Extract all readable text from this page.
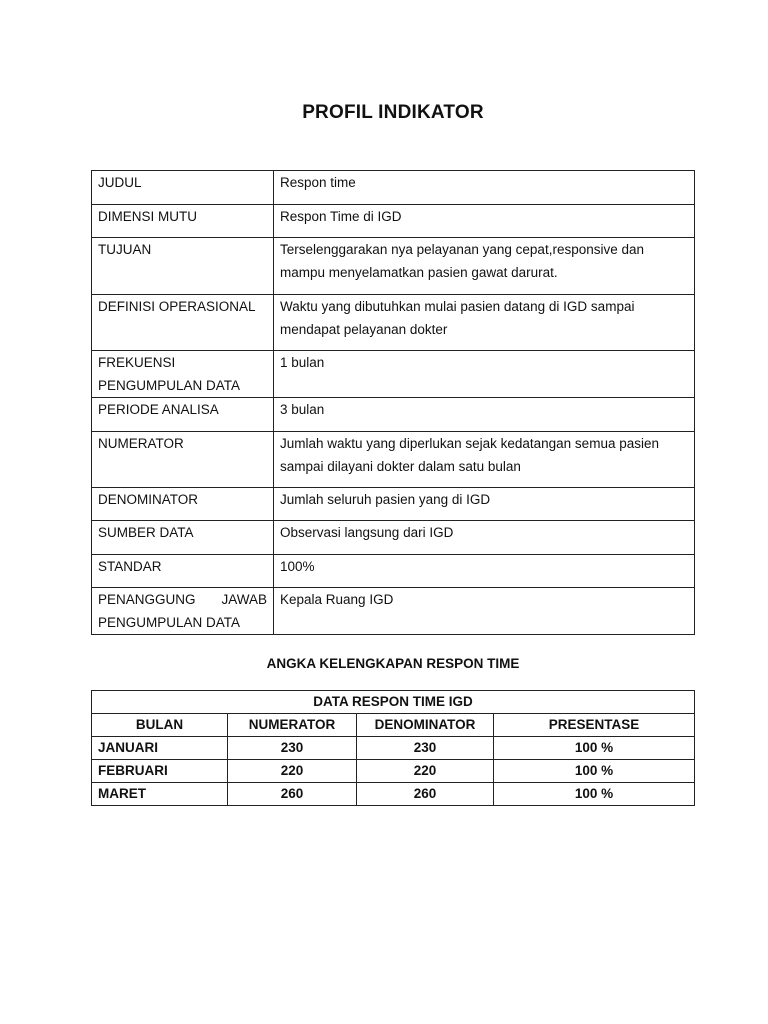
PROFIL INDIKATOR
JUDUL	Respon time
DIMENSI MUTU	Respon Time di IGD
TUJUAN	Terselenggarakan nya pelayanan yang cepat,responsive dan mampu menyelamatkan pasien gawat darurat.
DEFINISI OPERASIONAL	Waktu yang dibutuhkan mulai pasien datang di IGD sampai mendapat pelayanan dokter
FREKUENSI PENGUMPULAN DATA	1 bulan
PERIODE ANALISA	3 bulan
NUMERATOR	Jumlah waktu yang diperlukan sejak kedatangan semua pasien sampai dilayani dokter dalam satu bulan
DENOMINATOR	Jumlah seluruh pasien yang di IGD
SUMBER DATA	Observasi langsung dari IGD
STANDAR	100%
PENANGGUNG JAWAB PENGUMPULAN DATA	Kepala Ruang IGD
ANGKA KELENGKAPAN RESPON TIME
DATA RESPON TIME IGD			
BULAN	NUMERATOR	DENOMINATOR	PRESENTASE
JANUARI	230	230	100 %
FEBRUARI	220	220	100 %
MARET	260	260	100 %
